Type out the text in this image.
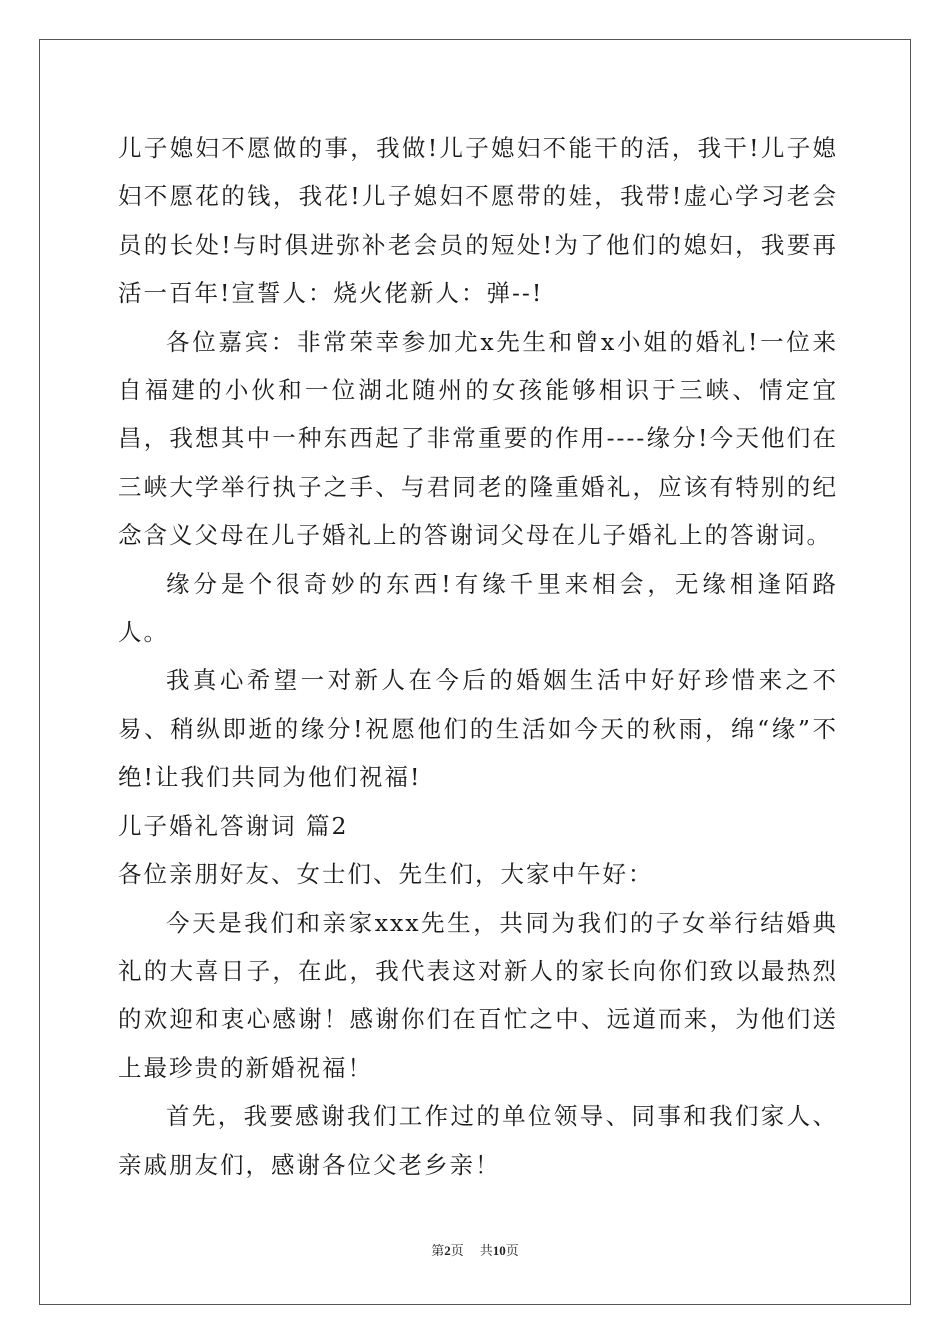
儿子媳妇不愿做的事，我做!儿子媳妇不能干的活，我干!儿子媳妇不愿花的钱，我花!儿子媳妇不愿带的娃，我带!虚心学习老会员的长处!与时俱进弥补老会员的短处!为了他们的媳妇，我要再活一百年!宣誓人：烧火佬新人：弹--!

各位嘉宾：非常荣幸参加尤x先生和曾x小姐的婚礼!一位来自福建的小伙和一位湖北随州的女孩能够相识于三峡、情定宜昌，我想其中一种东西起了非常重要的作用----缘分!今天他们在三峡大学举行执子之手、与君同老的隆重婚礼，应该有特别的纪念含义父母在儿子婚礼上的答谢词父母在儿子婚礼上的答谢词。

缘分是个很奇妙的东西!有缘千里来相会，无缘相逢陌路人。

我真心希望一对新人在今后的婚姻生活中好好珍惜来之不易、稍纵即逝的缘分!祝愿他们的生活如今天的秋雨，绵“缘”不绝!让我们共同为他们祝福!

儿子婚礼答谢词 篇2

各位亲朋好友、女士们、先生们，大家中午好：

今天是我们和亲家xxx先生，共同为我们的子女举行结婚典礼的大喜日子，在此，我代表这对新人的家长向你们致以最热烈的欢迎和衷心感谢！感谢你们在百忙之中、远道而来，为他们送上最珍贵的新婚祝福！

首先，我要感谢我们工作过的单位领导、同事和我们家人、亲戚朋友们，感谢各位父老乡亲！

第2页 共10页
